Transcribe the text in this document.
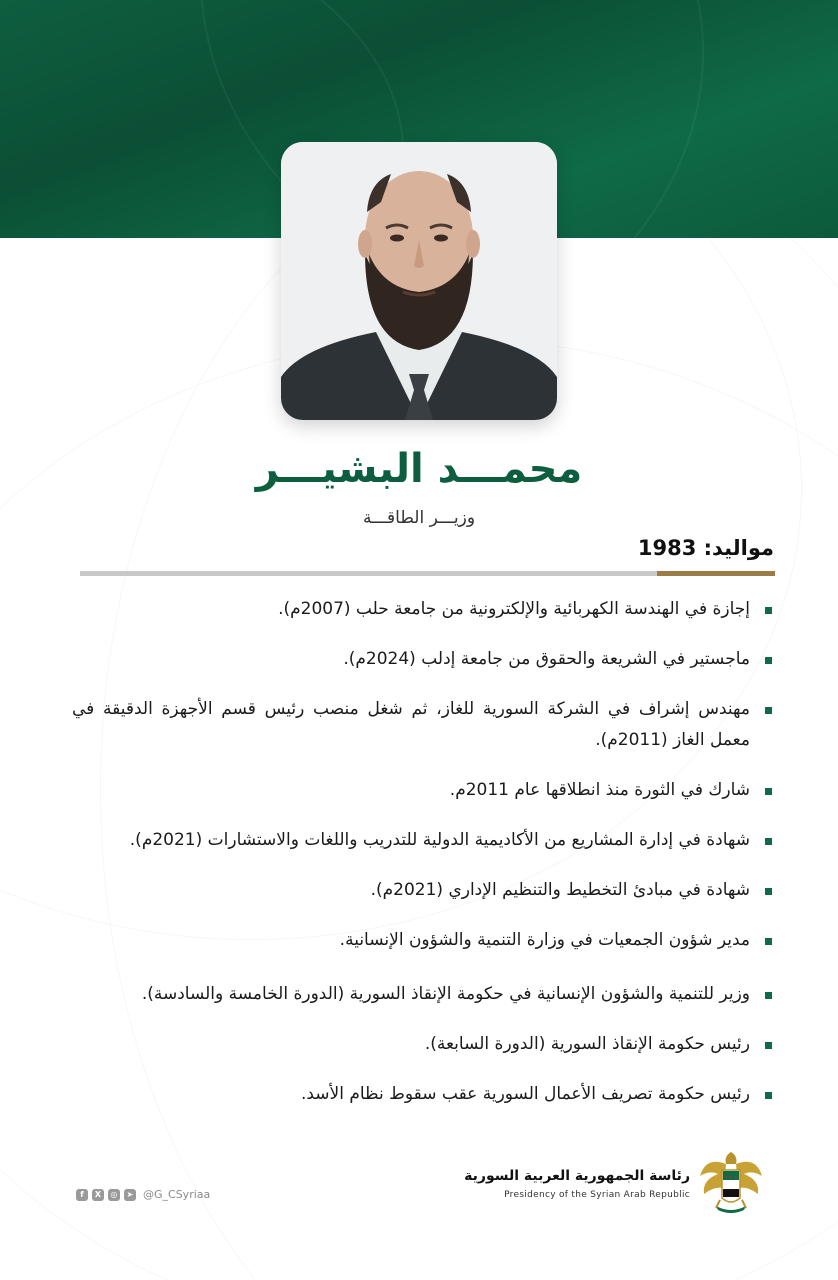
محمـــد البشيـــر
وزيـــر الطاقـــة
مواليد: 1983
إجازة في الهندسة الكهربائية والإلكترونية من جامعة حلب (2007م).
ماجستير في الشريعة والحقوق من جامعة إدلب (2024م).
مهندس إشراف في الشركة السورية للغاز، ثم شغل منصب رئيس قسم الأجهزة الدقيقة في معمل الغاز (2011م).
شارك في الثورة منذ انطلاقها عام 2011م.
شهادة في إدارة المشاريع من الأكاديمية الدولية للتدريب واللغات والاستشارات (2021م).
شهادة في مبادئ التخطيط والتنظيم الإداري (2021م).
مدير شؤون الجمعيات في وزارة التنمية والشؤون الإنسانية.
وزير للتنمية والشؤون الإنسانية في حكومة الإنقاذ السورية (الدورة الخامسة والسادسة).
رئيس حكومة الإنقاذ السورية (الدورة السابعة).
رئيس حكومة تصريف الأعمال السورية عقب سقوط نظام الأسد.
f	X	◎	➤ @G_CSyriaa
رئاسة الجمهورية العربية السورية
Presidency of the Syrian Arab Republic
★ ★ ★
